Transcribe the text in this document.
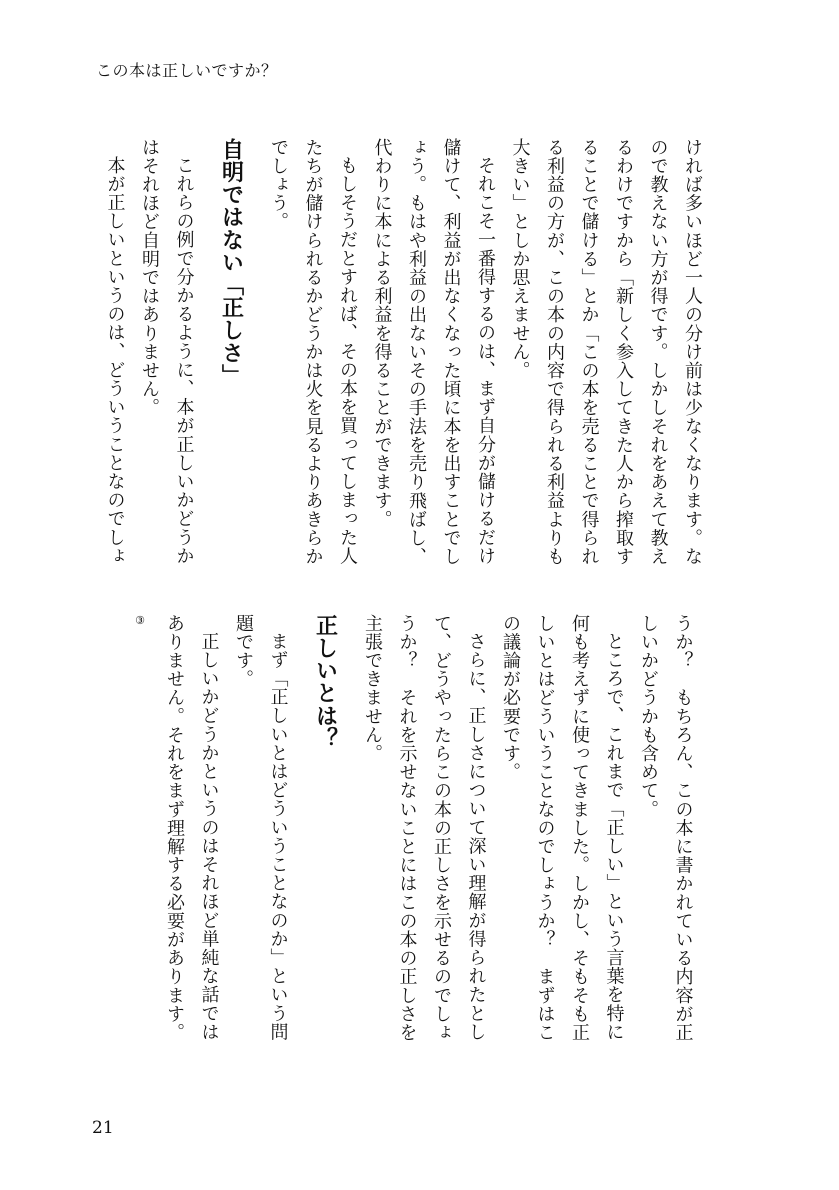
この本は正しいですか？

ければ多いほど一人の分け前は少なくなります。なので教えない方が得です。しかしそれをあえて教えるわけですから「新しく参入してきた人から搾取することで儲ける」とか「この本を売ることで得られる利益の方が、この本の内容で得られる利益よりも大きい」としか思えません。

それこそ一番得するのは、まず自分が儲けるだけ儲けて、利益が出なくなった頃に本を出すことでしょう。もはや利益の出ないその手法を売り飛ばし、代わりに本による利益を得ることができます。

もしそうだとすれば、その本を買ってしまった人たちが儲けられるかどうかは火を見るよりあきらかでしょう。

自明ではない「正しさ」

これらの例で分かるように、本が正しいかどうかはそれほど自明ではありません。

本が正しいというのは、どういうことなのでしょ

うか？　もちろん、この本に書かれている内容が正しいかどうかも含めて。

ところで、これまで「正しい」という言葉を特に何も考えずに使ってきました。しかし、そもそも正しいとはどういうことなのでしょうか？　まずはこの議論が必要です。

さらに、正しさについて深い理解が得られたとして、どうやったらこの本の正しさを示せるのでしょうか？　それを示せないことにはこの本の正しさを主張できません。

正しいとは？

まず「正しいとはどういうことなのか」という問題です。

正しいかどうかというのはそれほど単純な話ではありません。それをまず理解する必要があります。③

21
